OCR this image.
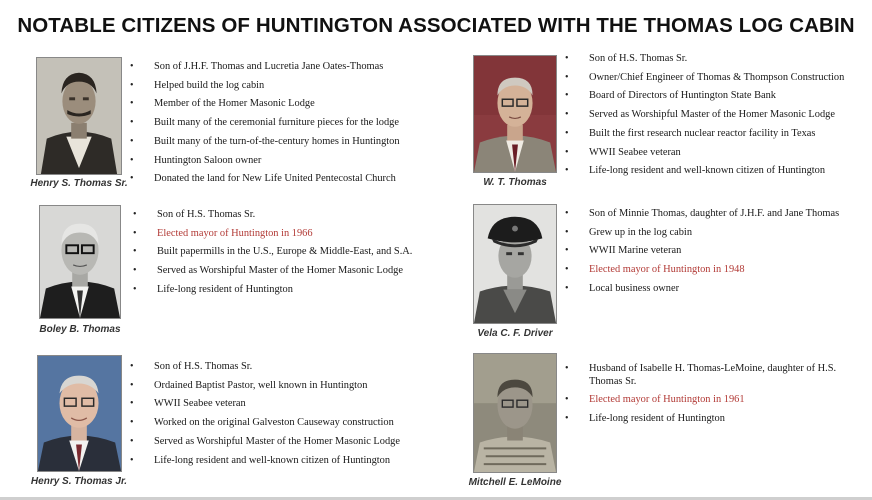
NOTABLE CITIZENS OF HUNTINGTON ASSOCIATED WITH THE THOMAS LOG CABIN
Henry S. Thomas Sr.
• Son of J.H.F. Thomas and Lucretia Jane Oates-Thomas
• Helped build the log cabin
• Member of the Homer Masonic Lodge
• Built many of the ceremonial furniture pieces for the lodge
• Built many of the turn-of-the-century homes in Huntington
• Huntington Saloon owner
• Donated the land for New Life United Pentecostal Church	W. T. Thomas
• Son of H.S. Thomas Sr.
• Owner/Chief Engineer of Thomas & Thompson Construction
• Board of Directors of Huntington State Bank
• Served as Worshipful Master of the Homer Masonic Lodge
• Built the first research nuclear reactor facility in Texas
• WWII Seabee veteran
• Life-long resident and well-known citizen of Huntington
Boley B. Thomas
• Son of H.S. Thomas Sr.
• Elected mayor of Huntington in 1966
• Built papermills in the U.S., Europe & Middle-East, and S.A.
• Served as Worshipful Master of the Homer Masonic Lodge
• Life-long resident of Huntington
Vela C. F. Driver
• Son of Minnie Thomas, daughter of J.H.F. and Jane Thomas
• Grew up in the log cabin
• WWII Marine veteran
• Elected mayor of Huntington in 1948
• Local business owner
Henry S. Thomas Jr.
• Son of H.S. Thomas Sr.
• Ordained Baptist Pastor, well known in Huntington
• WWII Seabee veteran
• Worked on the original Galveston Causeway construction
• Served as Worshipful Master of the Homer Masonic Lodge
• Life-long resident and well-known citizen of Huntington
Mitchell E. LeMoine
• Husband of Isabelle H. Thomas-LeMoine, daughter of H.S. Thomas Sr.
• Elected mayor of Huntington in 1961
• Life-long resident of Huntington
